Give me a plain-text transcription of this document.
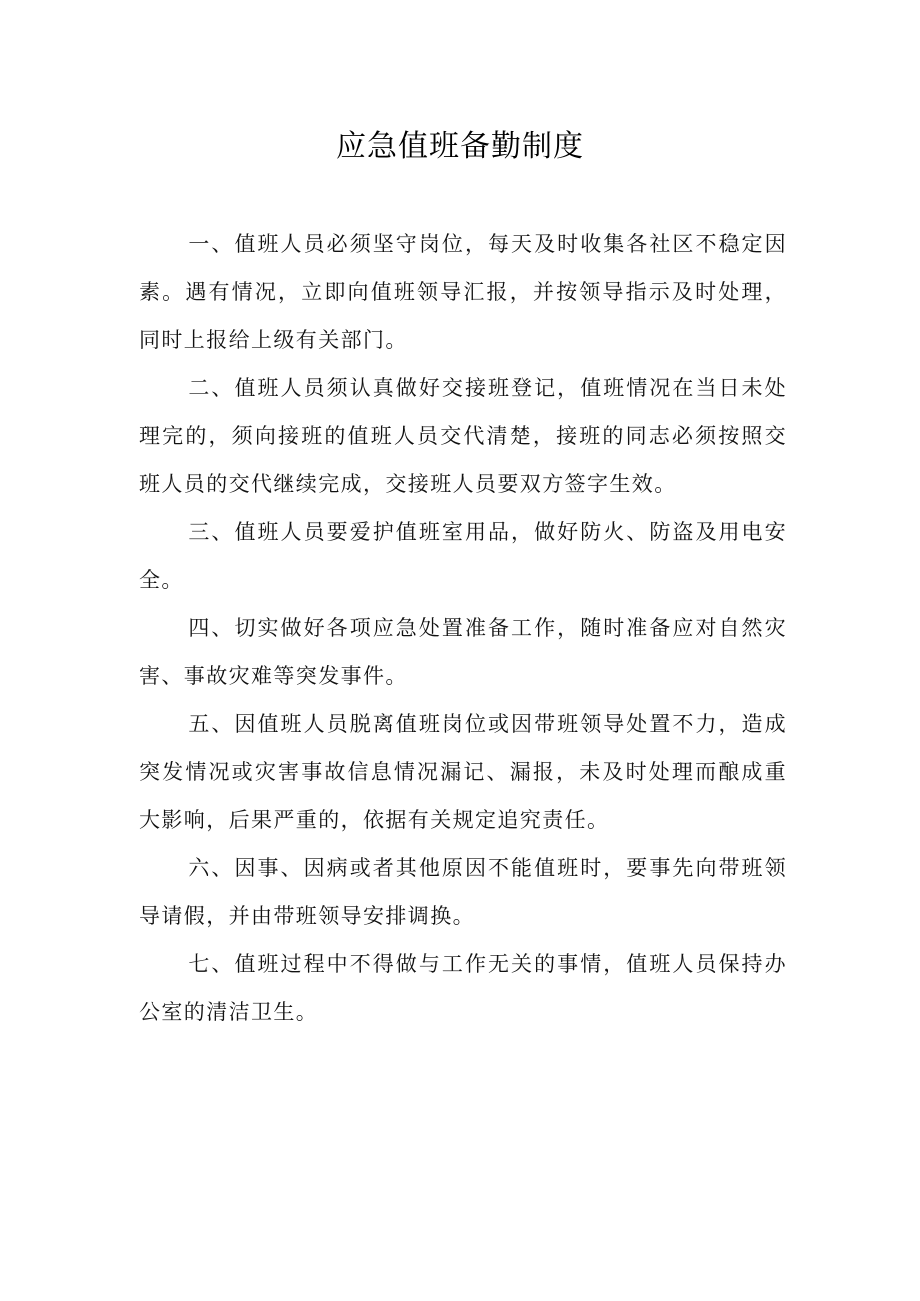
应急值班备勤制度

一、值班人员必须坚守岗位，每天及时收集各社区不稳定因素。遇有情况，立即向值班领导汇报，并按领导指示及时处理，同时上报给上级有关部门。

二、值班人员须认真做好交接班登记，值班情况在当日未处理完的，须向接班的值班人员交代清楚，接班的同志必须按照交班人员的交代继续完成，交接班人员要双方签字生效。

三、值班人员要爱护值班室用品，做好防火、防盗及用电安全。

四、切实做好各项应急处置准备工作，随时准备应对自然灾害、事故灾难等突发事件。

五、因值班人员脱离值班岗位或因带班领导处置不力，造成突发情况或灾害事故信息情况漏记、漏报，未及时处理而酿成重大影响，后果严重的，依据有关规定追究责任。

六、因事、因病或者其他原因不能值班时，要事先向带班领导请假，并由带班领导安排调换。

七、值班过程中不得做与工作无关的事情，值班人员保持办公室的清洁卫生。
